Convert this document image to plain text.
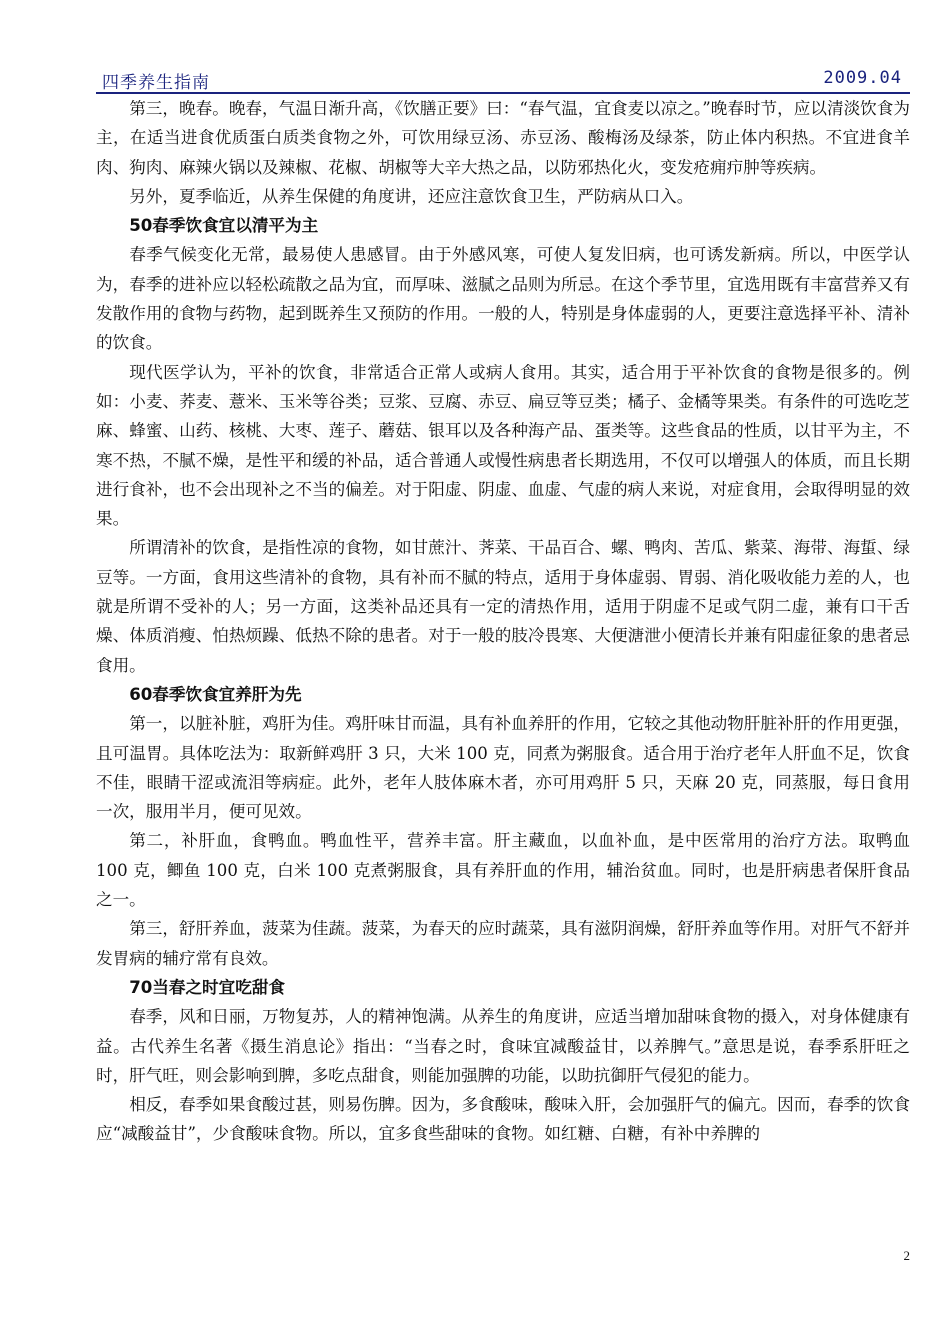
四季养生指南	2009.04

第三，晚春。晚春，气温日渐升高，《饮膳正要》曰：“春气温，宜食麦以凉之。”晚春时节，应以清淡饮食为主，在适当进食优质蛋白质类食物之外，可饮用绿豆汤、赤豆汤、酸梅汤及绿茶，防止体内积热。不宜进食羊肉、狗肉、麻辣火锅以及辣椒、花椒、胡椒等大辛大热之品，以防邪热化火，变发疮痈疖肿等疾病。

另外，夏季临近，从养生保健的角度讲，还应注意饮食卫生，严防病从口入。

50春季饮食宜以清平为主

春季气候变化无常，最易使人患感冒。由于外感风寒，可使人复发旧病，也可诱发新病。所以，中医学认为，春季的进补应以轻松疏散之品为宜，而厚味、滋腻之品则为所忌。在这个季节里，宜选用既有丰富营养又有发散作用的食物与药物，起到既养生又预防的作用。一般的人，特别是身体虚弱的人，更要注意选择平补、清补的饮食。

现代医学认为，平补的饮食，非常适合正常人或病人食用。其实，适合用于平补饮食的食物是很多的。例如：小麦、荞麦、薏米、玉米等谷类；豆浆、豆腐、赤豆、扁豆等豆类；橘子、金橘等果类。有条件的可选吃芝麻、蜂蜜、山药、核桃、大枣、莲子、蘑菇、银耳以及各种海产品、蛋类等。这些食品的性质，以甘平为主，不寒不热，不腻不燥，是性平和缓的补品，适合普通人或慢性病患者长期选用，不仅可以增强人的体质，而且长期进行食补，也不会出现补之不当的偏差。对于阳虚、阴虚、血虚、气虚的病人来说，对症食用，会取得明显的效果。

所谓清补的饮食，是指性凉的食物，如甘蔗汁、荠菜、干品百合、螺、鸭肉、苦瓜、紫菜、海带、海蜇、绿豆等。一方面，食用这些清补的食物，具有补而不腻的特点，适用于身体虚弱、胃弱、消化吸收能力差的人，也就是所谓不受补的人；另一方面，这类补品还具有一定的清热作用，适用于阴虚不足或气阴二虚，兼有口干舌燥、体质消瘦、怕热烦躁、低热不除的患者。对于一般的肢冷畏寒、大便溏泄小便清长并兼有阳虚征象的患者忌食用。

60春季饮食宜养肝为先

第一，以脏补脏，鸡肝为佳。鸡肝味甘而温，具有补血养肝的作用，它较之其他动物肝脏补肝的作用更强，且可温胃。具体吃法为：取新鲜鸡肝 3 只，大米 100 克，同煮为粥服食。适合用于治疗老年人肝血不足，饮食不佳，眼睛干涩或流泪等病症。此外，老年人肢体麻木者，亦可用鸡肝 5 只，天麻 20 克，同蒸服，每日食用一次，服用半月，便可见效。

第二，补肝血，食鸭血。鸭血性平，营养丰富。肝主藏血，以血补血，是中医常用的治疗方法。取鸭血 100 克，鲫鱼 100 克，白米 100 克煮粥服食，具有养肝血的作用，辅治贫血。同时，也是肝病患者保肝食品之一。

第三，舒肝养血，菠菜为佳蔬。菠菜，为春天的应时蔬菜，具有滋阴润燥，舒肝养血等作用。对肝气不舒并发胃病的辅疗常有良效。

70当春之时宜吃甜食

春季，风和日丽，万物复苏，人的精神饱满。从养生的角度讲，应适当增加甜味食物的摄入，对身体健康有益。古代养生名著《摄生消息论》指出：“当春之时，食味宜减酸益甘，以养脾气。”意思是说，春季系肝旺之时，肝气旺，则会影响到脾，多吃点甜食，则能加强脾的功能，以助抗御肝气侵犯的能力。

相反，春季如果食酸过甚，则易伤脾。因为，多食酸味，酸味入肝，会加强肝气的偏亢。因而，春季的饮食应“减酸益甘”，少食酸味食物。所以，宜多食些甜味的食物。如红糖、白糖，有补中养脾的

2
